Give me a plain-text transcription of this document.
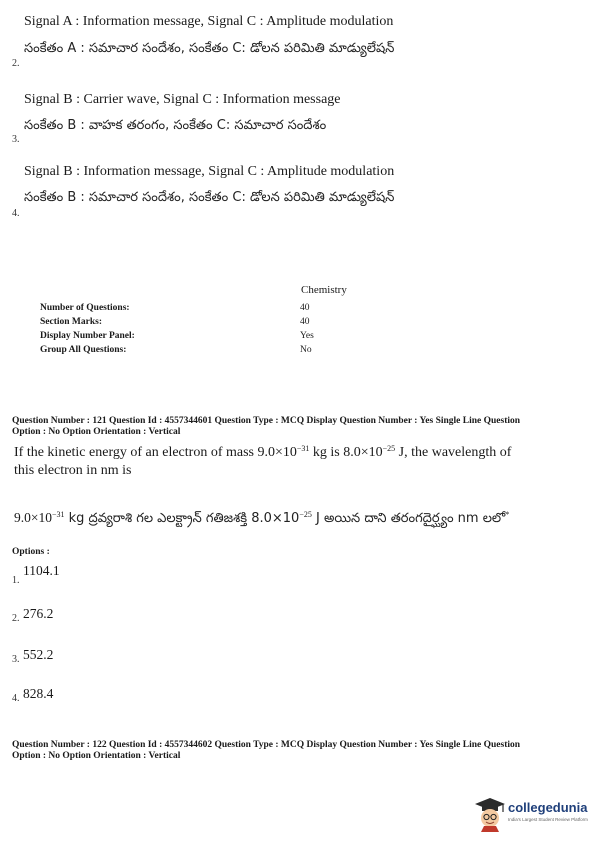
Signal A : Information message, Signal C : Amplitude modulation
సంకేతం A : సమాచార సందేశం, సంకేతం C: డోలన పరిమితి మాడ్యులేషన్
2.
Signal B : Carrier wave, Signal C : Information message
సంకేతం B : వాహక తరంగం, సంకేతం C: సమాచార సందేశం
3.
Signal B : Information message, Signal C : Amplitude modulation
సంకేతం B : సమాచార సందేశం, సంకేతం C: డోలన పరిమితి మాడ్యులేషన్
4.
Chemistry
Number of Questions:	40
Section Marks:	40
Display Number Panel:	Yes
Group All Questions:	No
Question Number : 121 Question Id : 4557344601 Question Type : MCQ Display Question Number : Yes Single Line Question
Option : No Option Orientation : Vertical
If the kinetic energy of an electron of mass $9.0\times 10^{-31}$ kg is $8.0\times 10^{-25}$ J, the wavelength of
this electron in nm is
$9.0\times 10^{-31}$ kg ద్రవ్యరాశి గల ఎలక్ట్రాన్ గతిజశక్తి $8.0\times 10^{-25}$ J అయిన దాని తరంగదైర్ఘ్యం nm లలో*
Options :
1.
1104.1
2. 276.2
3. 552.2
4. 828.4
Question Number : 122 Question Id : 4557344602 Question Type : MCQ Display Question Number : Yes Single Line Question
Option : No Option Orientation : Vertical
collegedunia
India's Largest Student Review Platform
